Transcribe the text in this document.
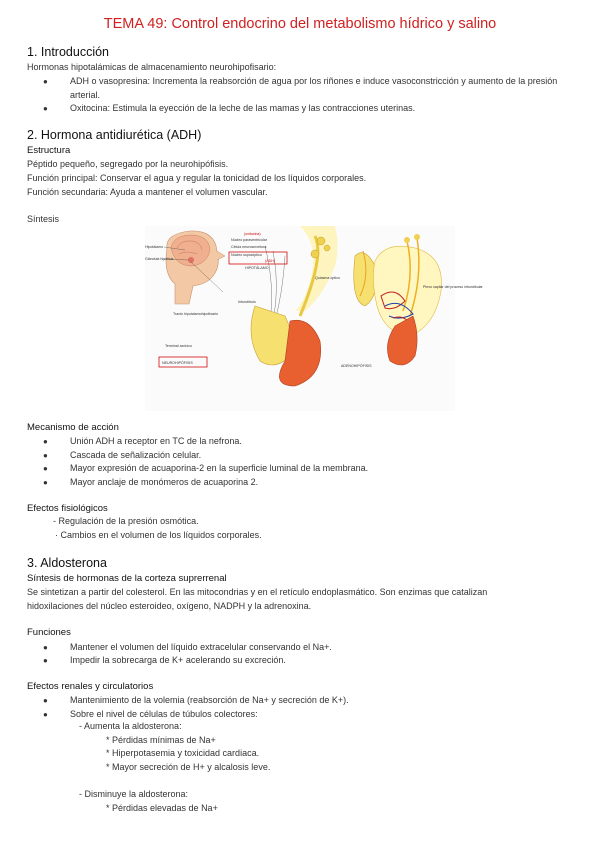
TEMA 49: Control endocrino del metabolismo hídrico y salino
1. Introducción
Hormonas hipotalámicas de almacenamiento neurohipofisario:
● ADH o vasopresina: Incrementa la reabsorción de agua por los riñones e induce vasoconstricción y aumento de la presión arterial.
● Oxitocina: Estimula la eyección de la leche de las mamas y las contracciones uterinas.
2. Hormona antidiurética (ADH)
Estructura
Péptido pequeño, segregado por la neurohipófisis.
Función principal: Conservar el agua y regular la tonicidad de los líquidos corporales.
Función secundaria: Ayuda a mantener el volumen vascular.
Síntesis
Hipotálamo
Glándula hipófisis
(oxitocina)
Núcleo paraventricular
Célula neurosecretora
Núcleo supraóptico
(ADH)
HIPOTÁLAMO
Quiasma óptico
Infundíbulo
Tracto hipotalamohipofisario
Terminal axónico
NEUROHIPÓFISIS
ADENOHIPÓFISIS
Plexo capilar del proceso infundibular
Mecanismo de acción
● Unión ADH a receptor en TC de la nefrona.
● Cascada de señalización celular.
● Mayor expresión de acuaporina-2 en la superficie luminal de la membrana.
● Mayor anclaje de monómeros de acuaporina 2.
Efectos fisiológicos
- Regulación de la presión osmótica.
· Cambios en el volumen de los líquidos corporales.
3. Aldosterona
Síntesis de hormonas de la corteza suprerrenal
Se sintetizan a partir del colesterol. En las mitocondrias y en el retículo endoplasmático. Son enzimas que catalizan
hidoxilaciones del núcleo esteroideo, oxígeno, NADPH y la adrenoxina.
Funciones
● Mantener el volumen del líquido extracelular conservando el Na+.
● Impedir la sobrecarga de K+ acelerando su excreción.
Efectos renales y circulatorios
● Mantenimiento de la volemia (reabsorción de Na+ y secreción de K+).
● Sobre el nivel de células de túbulos colectores:
- Aumenta la aldosterona:
* Pérdidas mínimas de Na+
* Hiperpotasemia y toxicidad cardiaca.
* Mayor secreción de H+ y alcalosis leve.
- Disminuye la aldosterona:
* Pérdidas elevadas de Na+
